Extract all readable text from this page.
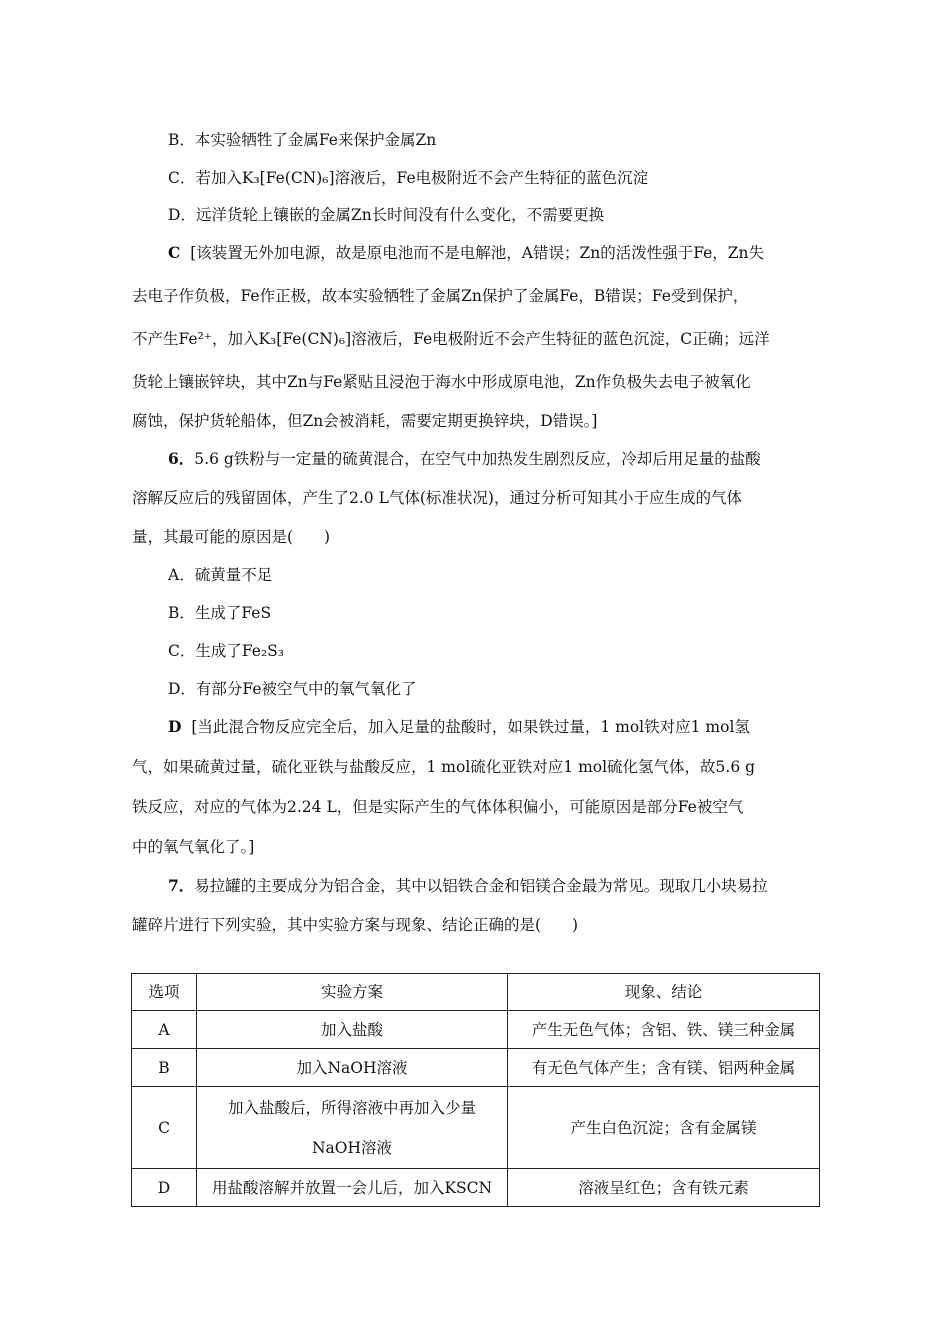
B．本实验牺牲了金属Fe来保护金属Zn
C．若加入K₃[Fe(CN)₆]溶液后，Fe电极附近不会产生特征的蓝色沉淀
D．远洋货轮上镶嵌的金属Zn长时间没有什么变化，不需要更换
C [该装置无外加电源，故是原电池而不是电解池，A错误；Zn的活泼性强于Fe，Zn失
去电子作负极，Fe作正极，故本实验牺牲了金属Zn保护了金属Fe，B错误；Fe受到保护，
不产生Fe²⁺，加入K₃[Fe(CN)₆]溶液后，Fe电极附近不会产生特征的蓝色沉淀，C正确；远洋
货轮上镶嵌锌块，其中Zn与Fe紧贴且浸泡于海水中形成原电池，Zn作负极失去电子被氧化
腐蚀，保护货轮船体，但Zn会被消耗，需要定期更换锌块，D错误。]
6．5.6 g铁粉与一定量的硫黄混合，在空气中加热发生剧烈反应，冷却后用足量的盐酸
溶解反应后的残留固体，产生了2.0 L气体(标准状况)，通过分析可知其小于应生成的气体
量，其最可能的原因是(　　)
A．硫黄量不足
B．生成了FeS
C．生成了Fe₂S₃
D．有部分Fe被空气中的氧气氧化了
D [当此混合物反应完全后，加入足量的盐酸时，如果铁过量，1 mol铁对应1 mol氢
气，如果硫黄过量，硫化亚铁与盐酸反应，1 mol硫化亚铁对应1 mol硫化氢气体，故5.6 g
铁反应，对应的气体为2.24 L，但是实际产生的气体体积偏小，可能原因是部分Fe被空气
中的氧气氧化了。]
7．易拉罐的主要成分为铝合金，其中以铝铁合金和铝镁合金最为常见。现取几小块易拉
罐碎片进行下列实验，其中实验方案与现象、结论正确的是(　　)
选项	实验方案	现象、结论
A	加入盐酸	产生无色气体；含铝、铁、镁三种金属
B	加入NaOH溶液	有无色气体产生；含有镁、铝两种金属
C	加入盐酸后，所得溶液中再加入少量
NaOH溶液	产生白色沉淀；含有金属镁
D	用盐酸溶解并放置一会儿后，加入KSCN	溶液呈红色；含有铁元素
